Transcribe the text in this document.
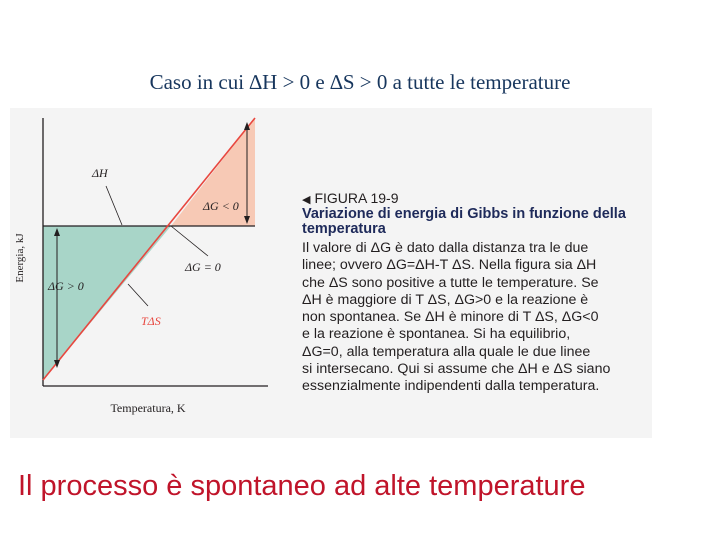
Caso in cui ∆H > 0 e ∆S > 0 a tutte le temperature
Energia, kJ
Temperatura, K
ΔH
ΔG > 0
ΔG < 0
ΔG = 0
TΔS
◀ FIGURA 19-9
Variazione di energia di Gibbs in funzione della temperatura
Il valore di ΔG è dato dalla distanza tra le due
linee; ovvero ΔG=ΔH-T ΔS. Nella figura sia ΔH
che ΔS sono positive a tutte le temperature. Se
ΔH è maggiore di T ΔS, ΔG>0 e la reazione è
non spontanea. Se ΔH è minore di T ΔS, ΔG<0
e la reazione è spontanea. Si ha equilibrio,
ΔG=0, alla temperatura alla quale le due linee
si intersecano. Qui si assume che ΔH e ΔS siano
essenzialmente indipendenti dalla temperatura.
Il processo è spontaneo ad alte temperature
